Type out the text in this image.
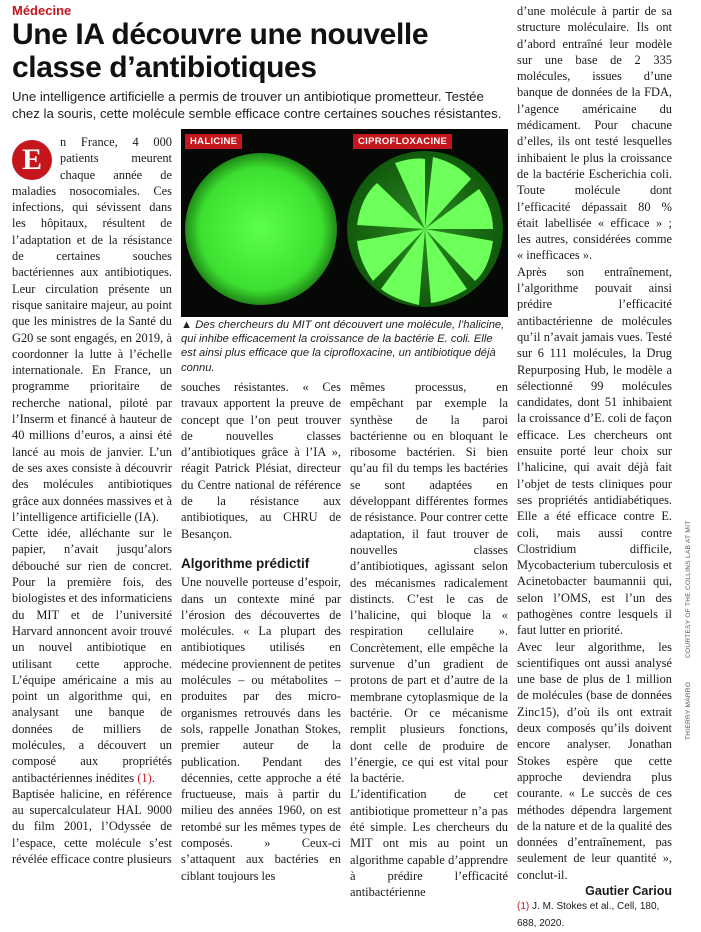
Médecine
Une IA découvre une nouvelle classe d’antibiotiques

Une intelligence artificielle a permis de trouver un antibiotique prometteur. Testée chez la souris, cette molécule semble efficace contre certaines souches résistantes.

E

n France, 4 000 patients meurent chaque année de maladies nosocomiales. Ces infections, qui sévissent dans les hôpitaux, résultent de l’adaptation et de la résistance de certaines souches bactériennes aux antibiotiques. Leur circulation présente un risque sanitaire majeur, au point que les ministres de la Santé du G20 se sont engagés, en 2019, à coordonner la lutte à l’échelle internationale. En France, un programme prioritaire de recherche national, piloté par l’Inserm et financé à hauteur de 40 millions d’euros, a ainsi été lancé au mois de janvier. L’un de ses axes consiste à découvrir des molécules antibiotiques grâce aux données massives et à l’intelligence artificielle (IA).

Cette idée, alléchante sur le papier, n’avait jusqu’alors débouché sur rien de concret. Pour la première fois, des biologistes et des informaticiens du MIT et de l’université Harvard annoncent avoir trouvé un nouvel antibiotique en utilisant cette approche. L’équipe américaine a mis au point un algorithme qui, en analysant une banque de données de milliers de molécules, a découvert un composé aux propriétés antibactériennes inédites (1).

Baptisée halicine, en référence au supercalculateur HAL 9000 du film 2001, l’Odyssée de l’espace, cette molécule s’est révélée efficace contre plusieurs

HALICINE	CIPROFLOXACINE

▲ Des chercheurs du MIT ont découvert une molécule, l’halicine, qui inhibe efficacement la croissance de la bactérie E. coli. Elle est ainsi plus efficace que la ciprofloxacine, un antibiotique déjà connu.

souches résistantes. « Ces travaux apportent la preuve de concept que l’on peut trouver de nouvelles classes d’antibiotiques grâce à l’IA », réagit Patrick Plésiat, directeur du Centre national de référence de la résistance aux antibiotiques, au CHRU de Besançon.

Algorithme prédictif

Une nouvelle porteuse d’espoir, dans un contexte miné par l’érosion des découvertes de molécules. « La plupart des antibiotiques utilisés en médecine proviennent de petites molécules – ou métabolites – produites par des micro-organismes retrouvés dans les sols, rappelle Jonathan Stokes, premier auteur de la publication. Pendant des décennies, cette approche a été fructueuse, mais à partir du milieu des années 1960, on est retombé sur les mêmes types de composés. » Ceux-ci s’attaquent aux bactéries en ciblant toujours les

mêmes processus, en empêchant par exemple la synthèse de la paroi bactérienne ou en bloquant le ribosome bactérien. Si bien qu’au fil du temps les bactéries se sont adaptées en développant différentes formes de résistance. Pour contrer cette adaptation, il faut trouver de nouvelles classes d’antibiotiques, agissant selon des mécanismes radicalement distincts. C’est le cas de l’halicine, qui bloque la « respiration cellulaire ». Concrètement, elle empêche la survenue d’un gradient de protons de part et d’autre de la membrane cytoplasmique de la bactérie. Or ce mécanisme remplit plusieurs fonctions, dont celle de produire de l’énergie, ce qui est vital pour la bactérie.

L’identification de cet antibiotique prometteur n’a pas été simple. Les chercheurs du MIT ont mis au point un algorithme capable d’apprendre à prédire l’efficacité antibactérienne

d’une molécule à partir de sa structure moléculaire. Ils ont d’abord entraîné leur modèle sur une base de 2 335 molécules, issues d’une banque de données de la FDA, l’agence américaine du médicament. Pour chacune d’elles, ils ont testé lesquelles inhibaient le plus la croissance de la bactérie Escherichia coli. Toute molécule dont l’efficacité dépassait 80 % était labellisée « efficace » ; les autres, considérées comme « inefficaces ».

Après son entraînement, l’algorithme pouvait ainsi prédire l’efficacité antibactérienne de molécules qu’il n’avait jamais vues. Testé sur 6 111 molécules, la Drug Repurposing Hub, le modèle a sélectionné 99 molécules candidates, dont 51 inhibaient la croissance d’E. coli de façon efficace. Les chercheurs ont ensuite porté leur choix sur l’halicine, qui avait déjà fait l’objet de tests cliniques pour ses propriétés antidiabétiques. Elle a été efficace contre E. coli, mais aussi contre Clostridium difficile, Mycobacterium tuberculosis et Acinetobacter baumannii qui, selon l’OMS, est l’un des pathogènes contre lesquels il faut lutter en priorité.

Avec leur algorithme, les scientifiques ont aussi analysé une base de plus de 1 million de molécules (base de données Zinc15), d’où ils ont extrait deux composés qu’ils doivent encore analyser. Jonathan Stokes espère que cette approche deviendra plus courante. « Le succès de ces méthodes dépendra largement de la nature et de la qualité des données d’entraînement, pas seulement de leur quantité », conclut-il.

Gautier Cariou

(1) J. M. Stokes et al., Cell, 180, 688, 2020.

COURTESY OF THE COLLINS LAB AT MIT
THIERRY MARRO
